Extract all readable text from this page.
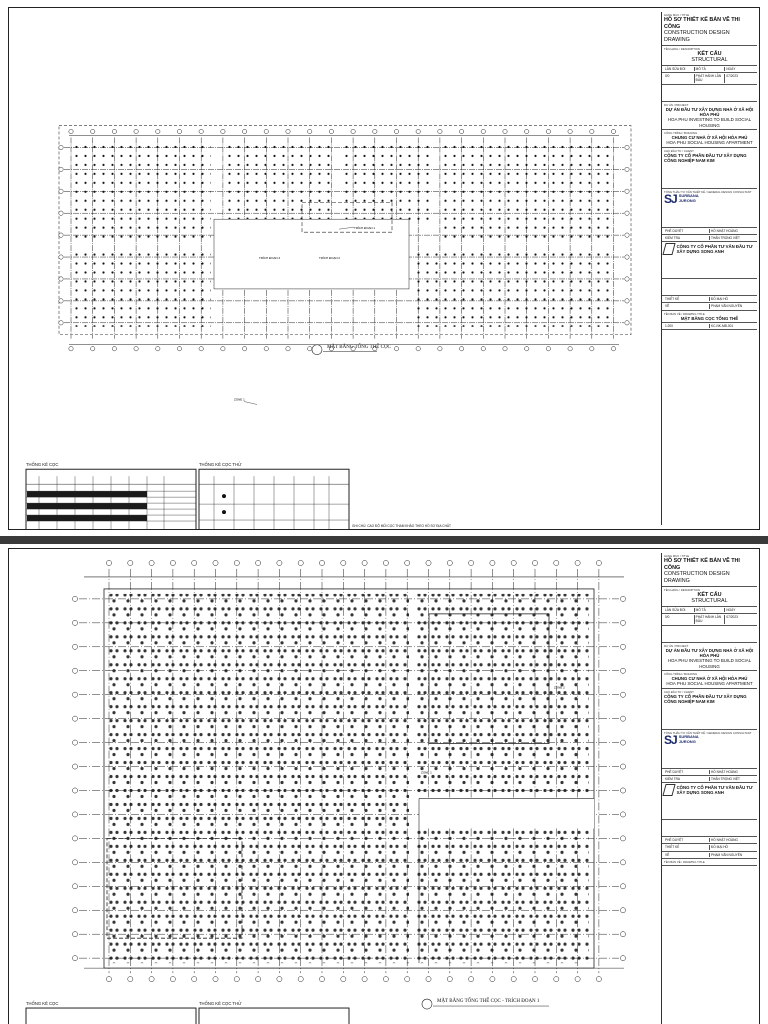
TRÍCH ĐOẠN 1
TRÍCH ĐOẠN 2
TRÍCH ĐOẠN 3
ZONE 1
MẶT BẰNG TỔNG THỂ CỌC
THỐNG KÊ CỌC	THỐNG KÊ CỌC THỬ
GHI CHÚ: CAO ĐỘ MŨI CỌC THAM KHẢO THEO HỒ SƠ ĐỊA CHẤT
HẠNG MỤC / TITLE
HỒ SƠ THIẾT KẾ BẢN VẼ THI CÔNG
CONSTRUCTION DESIGN DRAWING
TÊN HẠNG / DESCRIPTION
KẾT CẤU
STRUCTURAL
LẦN SỬA ĐỔI	MÔ TẢ	NGÀY
0/0	PHÁT HÀNH LẦN ĐẦU
07/2023
DỰ ÁN / PROJECT
DỰ ÁN ĐẦU TƯ XÂY DỰNG NHÀ Ở XÃ HỘI HÒA PHÚ
HOA PHU INVESTING TO BUILD SOCIAL HOUSING
CÔNG TRÌNH / BUILDING
CHUNG CƯ NHÀ Ở XÃ HỘI HÒA PHÚ
HOA PHU SOCIAL HOUSING APARTMENT
CHỦ ĐẦU TƯ / CLIENT
CÔNG TY CỔ PHẦN ĐẦU TƯ XÂY DỰNG CÔNG NGHIỆP NAM KIM
TỔNG THẦU TƯ VẤN THIẾT KẾ / GENERAL DESIGN CONSULTANT
SJ SURBANA
JURONG
PHÊ DUYỆT	HỒ NHẬT HOÀNG
KIỂM TRA	THÂN TRỌNG VIỆT
CÔNG TY CỔ PHẦN TƯ VẤN ĐẦU TƯ XÂY DỰNG SONG ANH
THIẾT KẾ	ĐỖ MẠI HỒ
VẼ	PHẠM VĂN NGUYÊN
TÊN BẢN VẼ / DRAWING TITLE
MẶT BẰNG CỌC TỔNG THỂ
1:200	KC-NK-MB-001
ZONE 1
ZONE 2
MẶT BẰNG TỔNG THỂ CỌC - TRÍCH ĐOẠN 1
THỐNG KÊ CỌC	THỐNG KÊ CỌC THỬ
HẠNG MỤC / TITLE
HỒ SƠ THIẾT KẾ BẢN VẼ THI CÔNG
CONSTRUCTION DESIGN DRAWING
TÊN HẠNG / DESCRIPTION
KẾT CẤU
STRUCTURAL
LẦN SỬA ĐỔI	MÔ TẢ	NGÀY
0/0	PHÁT HÀNH LẦN ĐẦU
07/2023
DỰ ÁN / PROJECT
DỰ ÁN ĐẦU TƯ XÂY DỰNG NHÀ Ở XÃ HỘI HÒA PHÚ
HOA PHU INVESTING TO BUILD SOCIAL HOUSING
CÔNG TRÌNH / BUILDING
CHUNG CƯ NHÀ Ở XÃ HỘI HÒA PHÚ
HOA PHU SOCIAL HOUSING APARTMENT
CHỦ ĐẦU TƯ / CLIENT
CÔNG TY CỔ PHẦN ĐẦU TƯ XÂY DỰNG CÔNG NGHIỆP NAM KIM
TỔNG THẦU TƯ VẤN THIẾT KẾ / GENERAL DESIGN CONSULTANT
SJ SURBANA
JURONG
PHÊ DUYỆT	HỒ NHẬT HOÀNG
KIỂM TRA	THÂN TRỌNG VIỆT
CÔNG TY CỔ PHẦN TƯ VẤN ĐẦU TƯ XÂY DỰNG SONG ANH
PHÊ DUYỆT	HỒ NHẬT HOÀNG
THIẾT KẾ	ĐỖ MẠI HỒ
VẼ	PHẠM VĂN NGUYÊN
TÊN BẢN VẼ / DRAWING TITLE
